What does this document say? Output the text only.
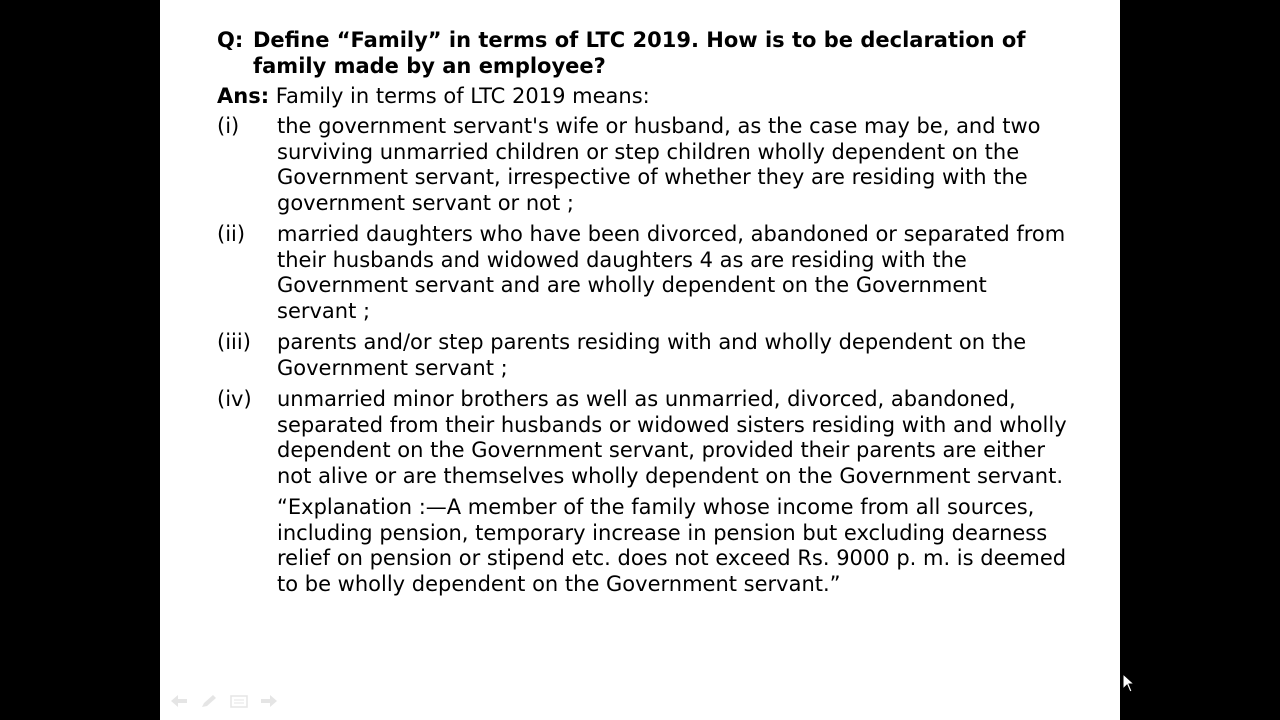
Q: Define “Family” in terms of LTC 2019. How is to be declaration of family made by an employee?
Ans: Family in terms of LTC 2019 means:
(i)	the government servant's wife or husband, as the case may be, and two surviving unmarried children or step children wholly dependent on the Government servant, irrespective of whether they are residing with the government servant or not ;
(ii)	married daughters who have been divorced, abandoned or separated from their husbands and widowed daughters 4 as are residing with the Government servant and are wholly dependent on the Government servant ;
(iii)	parents and/or step parents residing with and wholly dependent on the Government servant ;
(iv)	unmarried minor brothers as well as unmarried, divorced, abandoned, separated from their husbands or widowed sisters residing with and wholly dependent on the Government servant, provided their parents are either not alive or are themselves wholly dependent on the Government servant.
“Explanation :—A member of the family whose income from all sources, including pension, temporary increase in pension but excluding dearness relief on pension or stipend etc. does not exceed Rs. 9000 p. m. is deemed to be wholly dependent on the Government servant.”
